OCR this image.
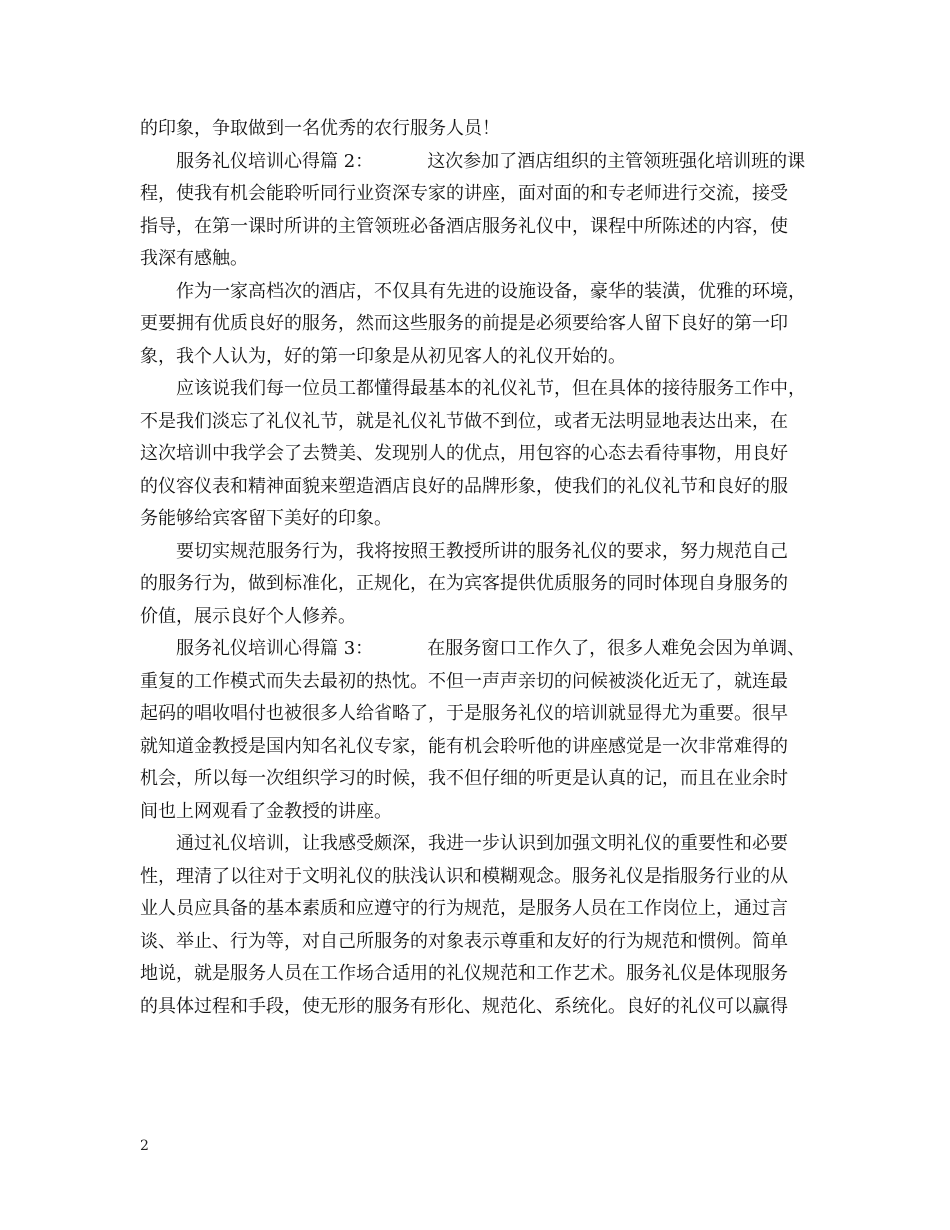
的印象，争取做到一名优秀的农行服务人员！
服务礼仪培训心得篇 2：	这次参加了酒店组织的主管领班强化培训班的课
程，使我有机会能聆听同行业资深专家的讲座，面对面的和专老师进行交流，接受
指导，在第一课时所讲的主管领班必备酒店服务礼仪中，课程中所陈述的内容，使
我深有感触。
作为一家高档次的酒店，不仅具有先进的设施设备，豪华的装潢，优雅的环境，
更要拥有优质良好的服务，然而这些服务的前提是必须要给客人留下良好的第一印
象，我个人认为，好的第一印象是从初见客人的礼仪开始的。
应该说我们每一位员工都懂得最基本的礼仪礼节，但在具体的接待服务工作中，
不是我们淡忘了礼仪礼节，就是礼仪礼节做不到位，或者无法明显地表达出来，在
这次培训中我学会了去赞美、发现别人的优点，用包容的心态去看待事物，用良好
的仪容仪表和精神面貌来塑造酒店良好的品牌形象，使我们的礼仪礼节和良好的服
务能够给宾客留下美好的印象。
要切实规范服务行为，我将按照王教授所讲的服务礼仪的要求，努力规范自己
的服务行为，做到标准化，正规化，在为宾客提供优质服务的同时体现自身服务的
价值，展示良好个人修养。
服务礼仪培训心得篇 3：	在服务窗口工作久了，很多人难免会因为单调、
重复的工作模式而失去最初的热忱。不但一声声亲切的问候被淡化近无了，就连最
起码的唱收唱付也被很多人给省略了，于是服务礼仪的培训就显得尤为重要。很早
就知道金教授是国内知名礼仪专家，能有机会聆听他的讲座感觉是一次非常难得的
机会，所以每一次组织学习的时候，我不但仔细的听更是认真的记，而且在业余时
间也上网观看了金教授的讲座。
通过礼仪培训，让我感受颇深，我进一步认识到加强文明礼仪的重要性和必要
性，理清了以往对于文明礼仪的肤浅认识和模糊观念。服务礼仪是指服务行业的从
业人员应具备的基本素质和应遵守的行为规范，是服务人员在工作岗位上，通过言
谈、举止、行为等，对自己所服务的对象表示尊重和友好的行为规范和惯例。简单
地说，就是服务人员在工作场合适用的礼仪规范和工作艺术。服务礼仪是体现服务
的具体过程和手段，使无形的服务有形化、规范化、系统化。良好的礼仪可以赢得
2
